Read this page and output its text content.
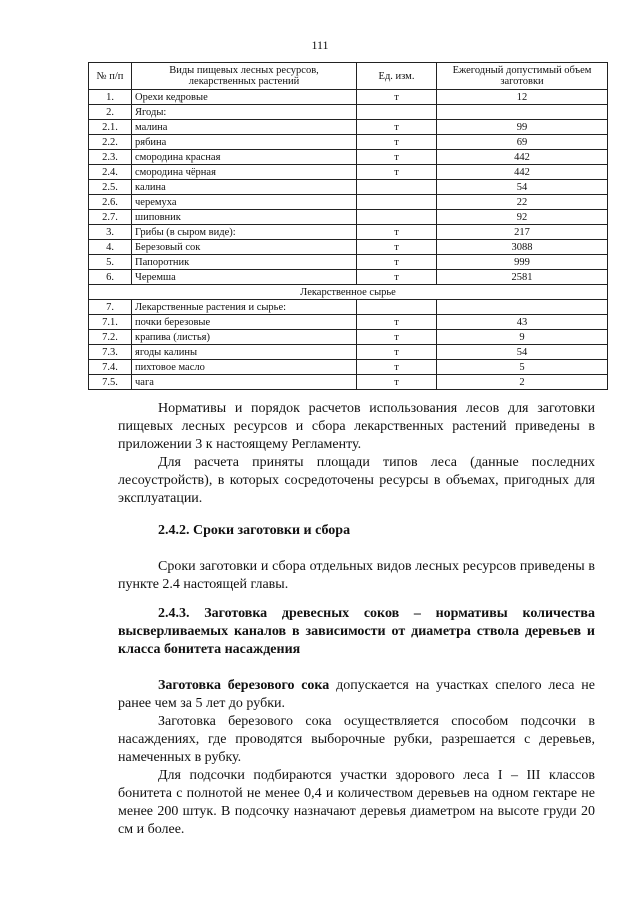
111
№ п/п	Виды пищевых лесных ресурсов, лекарственных растений	Ед. изм.	Ежегодный допустимый объем заготовки
1.	Орехи кедровые	т	12
2.	Ягоды:		
2.1.	малина	т	99
2.2.	рябина	т	69
2.3.	смородина красная	т	442
2.4.	смородина чёрная	т	442
2.5.	калина		54
2.6.	черемуха		22
2.7.	шиповник		92
3.	Грибы (в сыром виде):	т	217
4.	Березовый сок	т	3088
5.	Папоротник	т	999
6.	Черемша	т	2581
Лекарственное сырье			
7.	Лекарственные растения и сырье:		
7.1.	почки березовые	т	43
7.2.	крапива (листья)	т	9
7.3.	ягоды калины	т	54
7.4.	пихтовое масло	т	5
7.5.	чага	т	2

Нормативы и порядок расчетов использования лесов для заготовки пищевых лесных ресурсов и сбора лекарственных растений приведены в приложении 3 к настоящему Регламенту.

Для расчета приняты площади типов леса (данные последних лесоустройств), в которых сосредоточены ресурсы в объемах, пригодных для эксплуатации.

2.4.2. Сроки заготовки и сбора

Сроки заготовки и сбора отдельных видов лесных ресурсов приведены в пункте 2.4 настоящей главы.

2.4.3. Заготовка древесных соков – нормативы количества высверливаемых каналов в зависимости от диаметра ствола деревьев и класса бонитета насаждения

Заготовка березового сока допускается на участках спелого леса не ранее чем за 5 лет до рубки.

Заготовка березового сока осуществляется способом подсочки в насаждениях, где проводятся выборочные рубки, разрешается с деревьев, намеченных в рубку.

Для подсочки подбираются участки здорового леса I – III классов бонитета с полнотой не менее 0,4 и количеством деревьев на одном гектаре не менее 200 штук. В подсочку назначают деревья диаметром на высоте груди 20 см и более.
